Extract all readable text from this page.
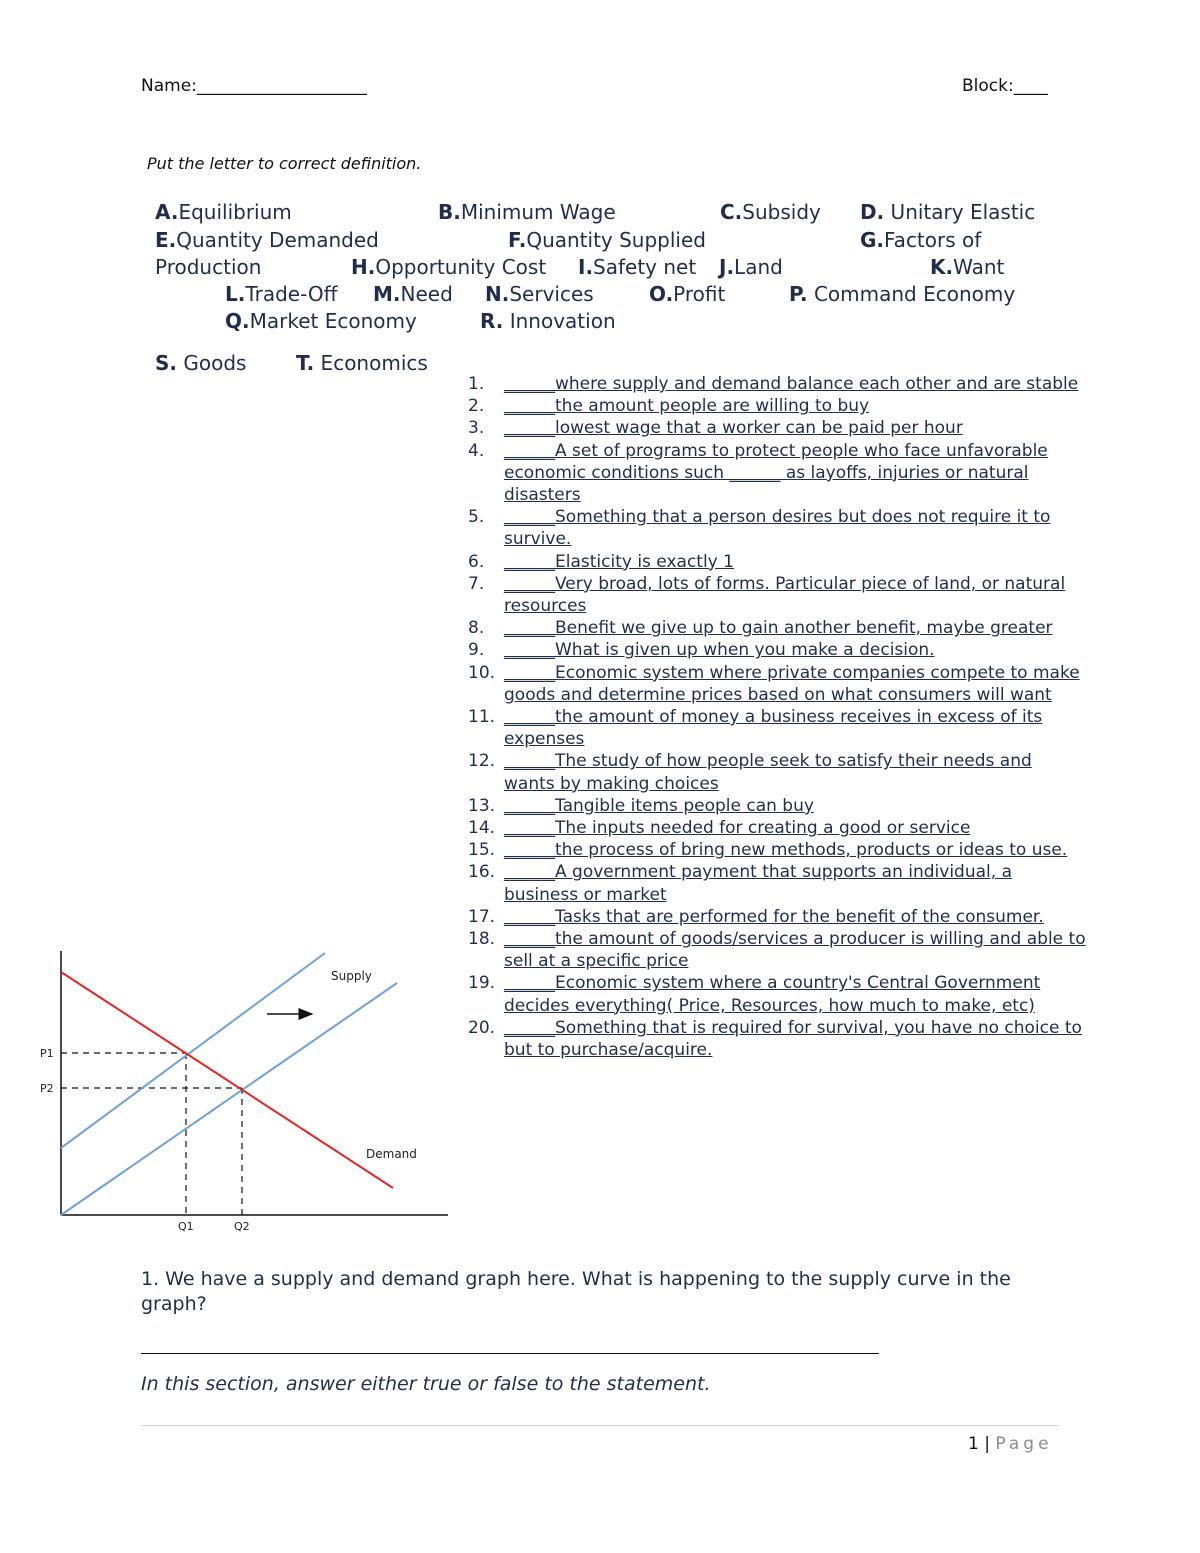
Name:____________________	Block:____
Put the letter to correct definition.
A.Equilibrium	B.Minimum Wage	C.Subsidy D. Unitary Elastic
E.Quantity Demanded	F.Quantity Supplied	G.Factors of
Production	H.Opportunity Cost I.Safety net J.Land	K.Want
L.Trade-Off M.Need N.Services	O.Profit	P. Command Economy
Q.Market Economy	R. Innovation
S. Goods T. Economics
1.	______where supply and demand balance each other and are stable
2.	______the amount people are willing to buy
3.	______lowest wage that a worker can be paid per hour
4.	______A set of programs to protect people who face unfavorable
economic conditions such ______ as layoffs, injuries or natural
disasters
5.	______Something that a person desires but does not require it to
survive.
6.	______Elasticity is exactly 1
7.	______Very broad, lots of forms. Particular piece of land, or natural
resources
8.	______Benefit we give up to gain another benefit, maybe greater
9.	______What is given up when you make a decision.
10. ______Economic system where private companies compete to make
goods and determine prices based on what consumers will want
11. ______the amount of money a business receives in excess of its
expenses
12. ______The study of how people seek to satisfy their needs and
wants by making choices
13. ______Tangible items people can buy
14. ______The inputs needed for creating a good or service
15. ______the process of bring new methods, products or ideas to use.
16. ______A government payment that supports an individual, a
business or market
17. ______Tasks that are performed for the benefit of the consumer.
18. ______the amount of goods/services a producer is willing and able to
sell at a specific price
19. ______Economic system where a country's Central Government
decides everything( Price, Resources, how much to make, etc)
20. ______Something that is required for survival, you have no choice to
but to purchase/acquire.
Supply
Demand
P1
P2
Q1	Q2
1. We have a supply and demand graph here. What is happening to the supply curve in the graph?
In this section, answer either true or false to the statement.
1 | Page
